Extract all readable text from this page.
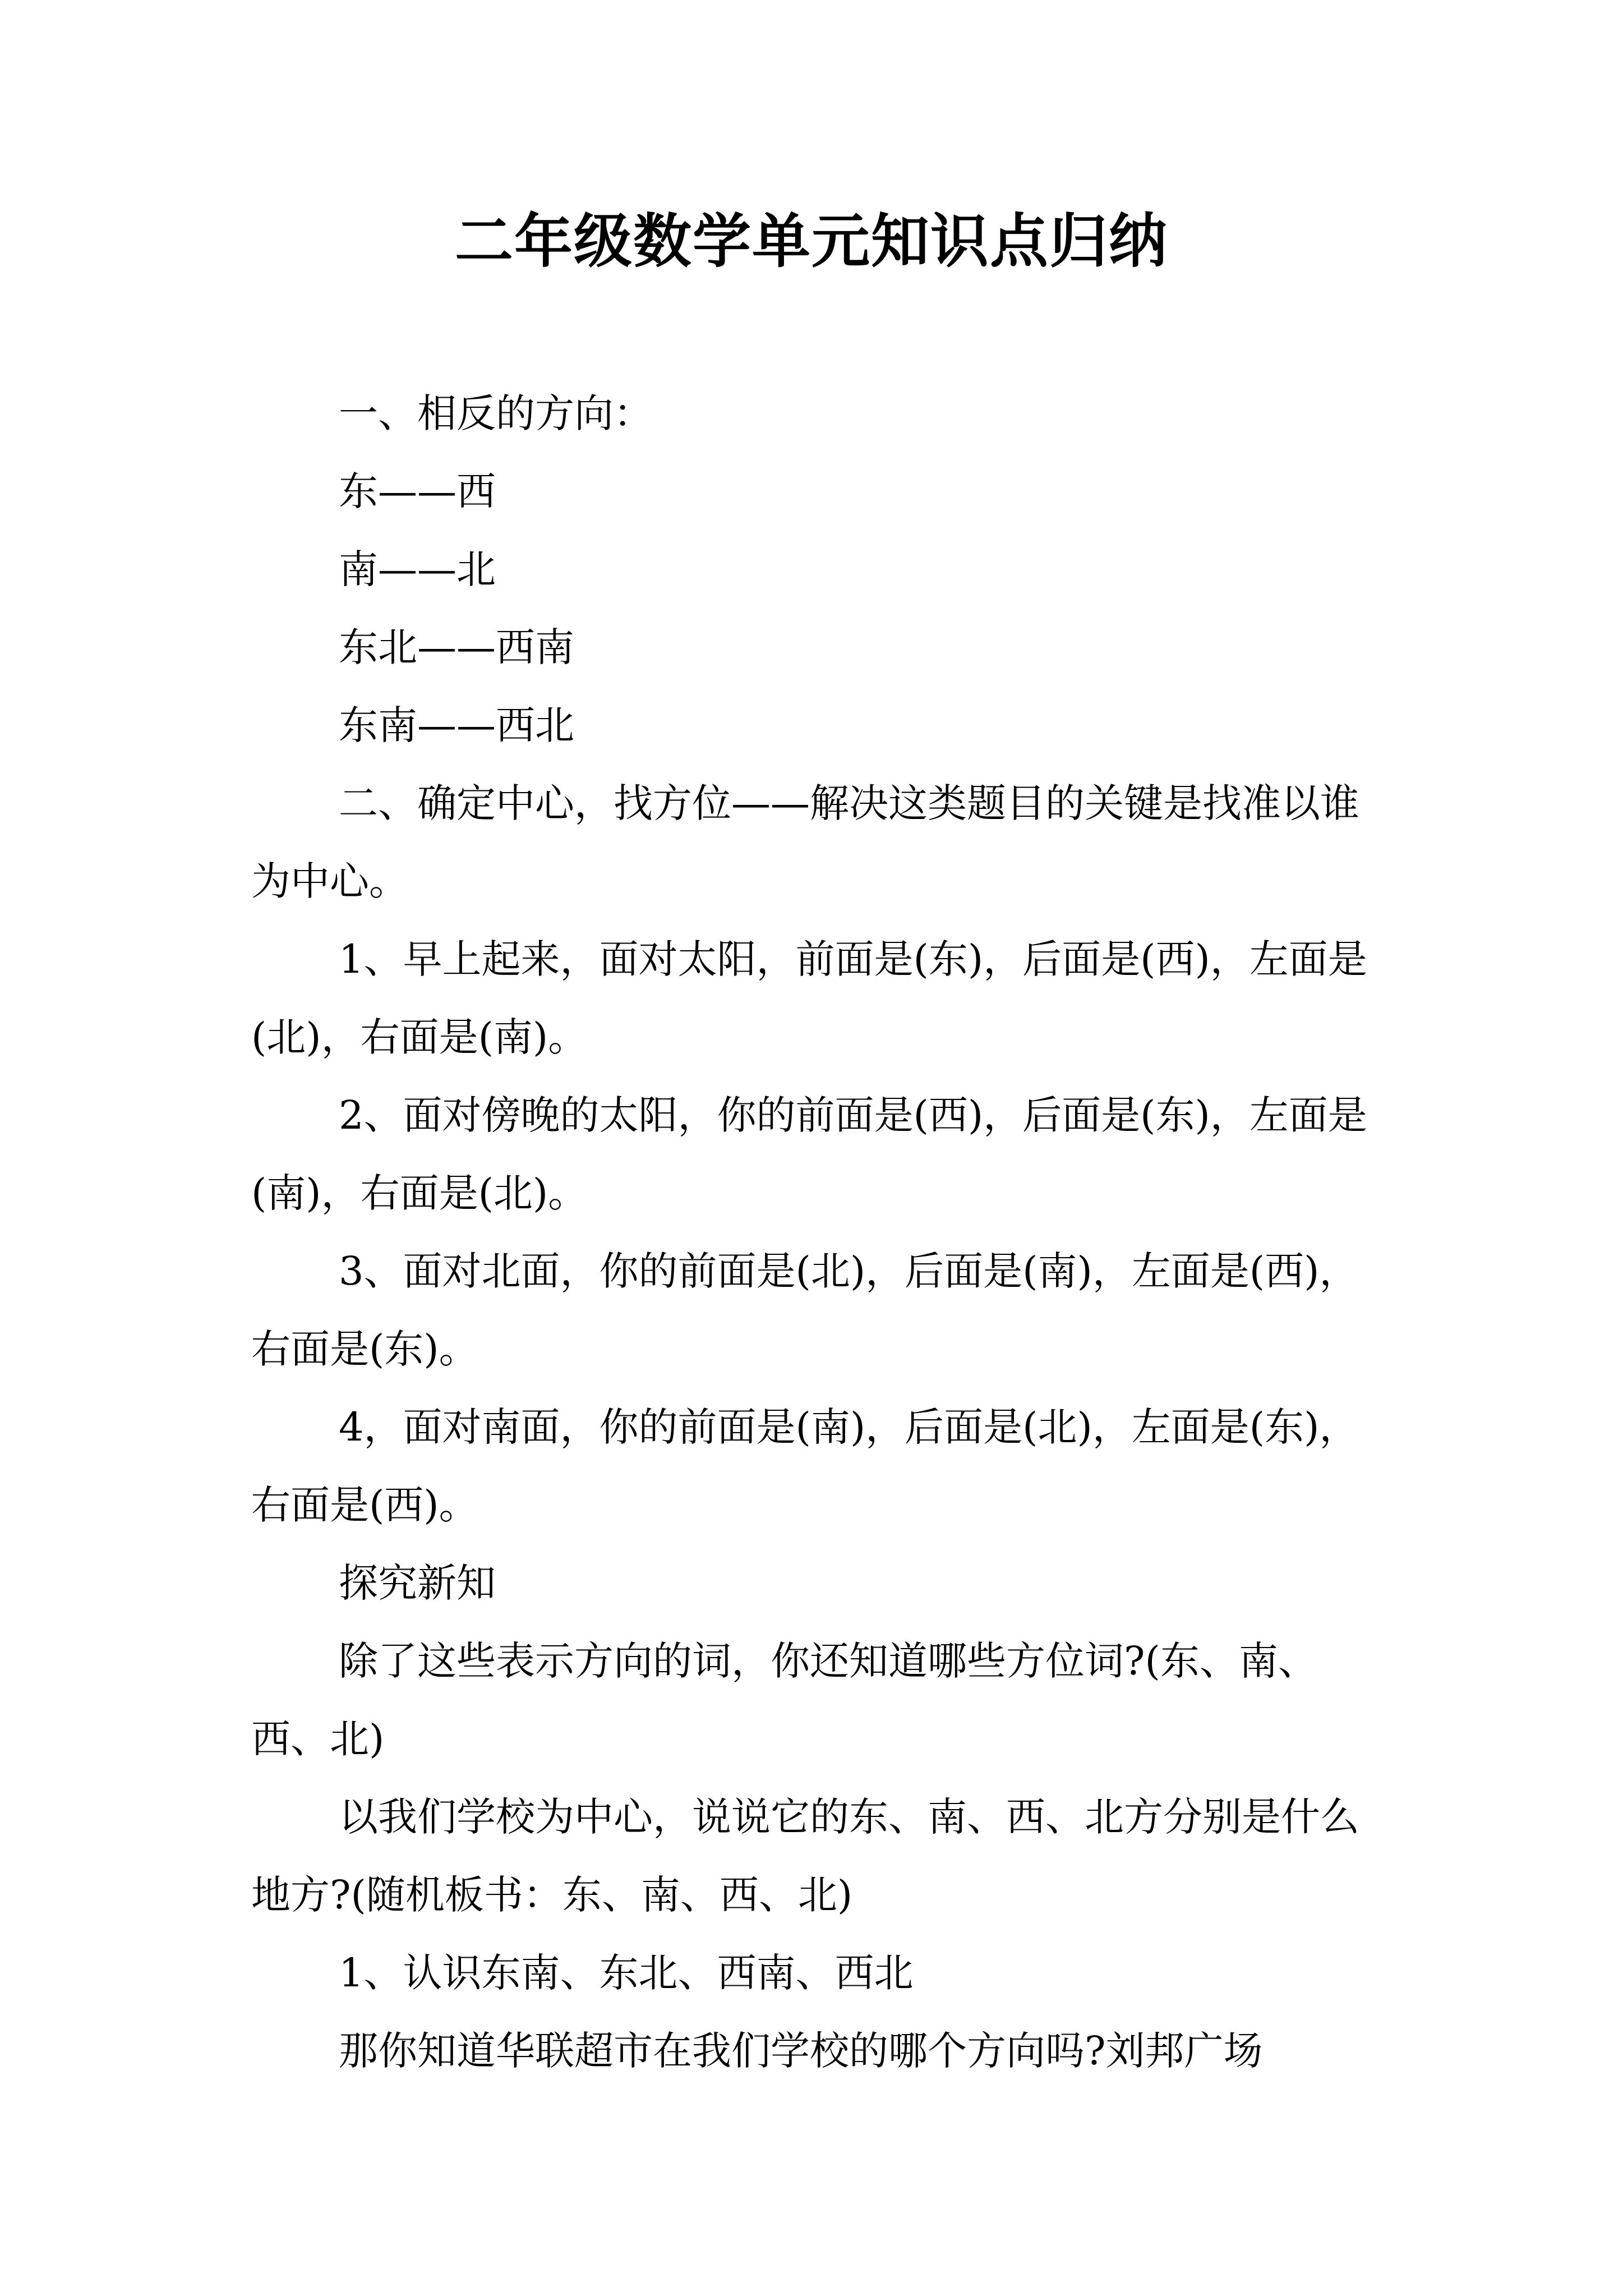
二年级数学单元知识点归纳

一、相反的方向：

东——西

南——北

东北——西南

东南——西北

二、确定中心，找方位——解决这类题目的关键是找准以谁为中心。

1、早上起来，面对太阳，前面是(东)，后面是(西)，左面是(北)，右面是(南)。

2、面对傍晚的太阳，你的前面是(西)，后面是(东)，左面是(南)，右面是(北)。

3、面对北面，你的前面是(北)，后面是(南)，左面是(西)，右面是(东)。

4，面对南面，你的前面是(南)，后面是(北)，左面是(东)，右面是(西)。

探究新知

除了这些表示方向的词，你还知道哪些方位词?(东、南、西、北)

以我们学校为中心，说说它的东、南、西、北方分别是什么地方?(随机板书：东、南、西、北)

1、认识东南、东北、西南、西北

那你知道华联超市在我们学校的哪个方向吗?刘邦广场
